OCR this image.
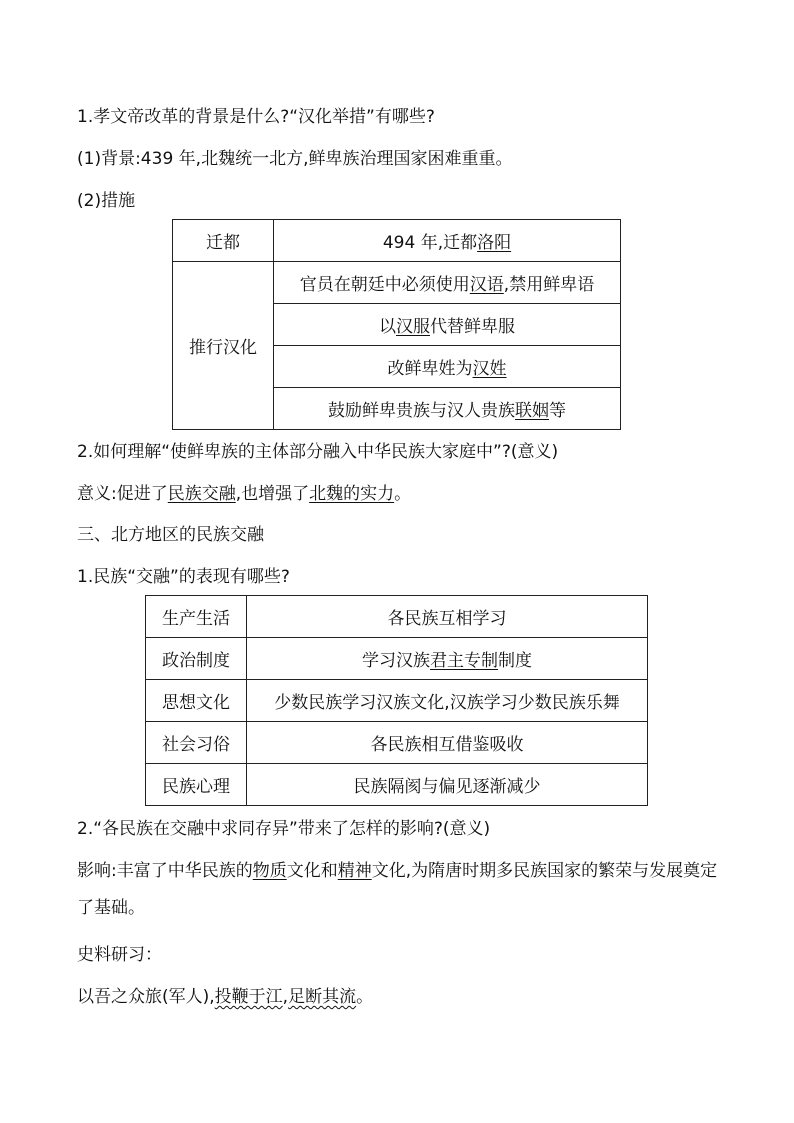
1.孝文帝改革的背景是什么?“汉化举措”有哪些?
(1)背景:439 年,北魏统一北方,鲜卑族治理国家困难重重。
(2)措施
迁都	494 年,迁都洛阳
推行汉化	官员在朝廷中必须使用汉语,禁用鲜卑语
	以汉服代替鲜卑服
	改鲜卑姓为汉姓
	鼓励鲜卑贵族与汉人贵族联姻等
2.如何理解“使鲜卑族的主体部分融入中华民族大家庭中”?(意义)
意义:促进了民族交融,也增强了北魏的实力。
三、北方地区的民族交融
1.民族“交融”的表现有哪些?
生产生活	各民族互相学习
政治制度	学习汉族君主专制制度
思想文化	少数民族学习汉族文化,汉族学习少数民族乐舞
社会习俗	各民族相互借鉴吸收
民族心理	民族隔阂与偏见逐渐减少
2.“各民族在交融中求同存异”带来了怎样的影响?(意义)
影响:丰富了中华民族的物质文化和精神文化,为隋唐时期多民族国家的繁荣与发展奠定了基础。
史料研习：
以吾之众旅(军人),投鞭于江,足断其流。
